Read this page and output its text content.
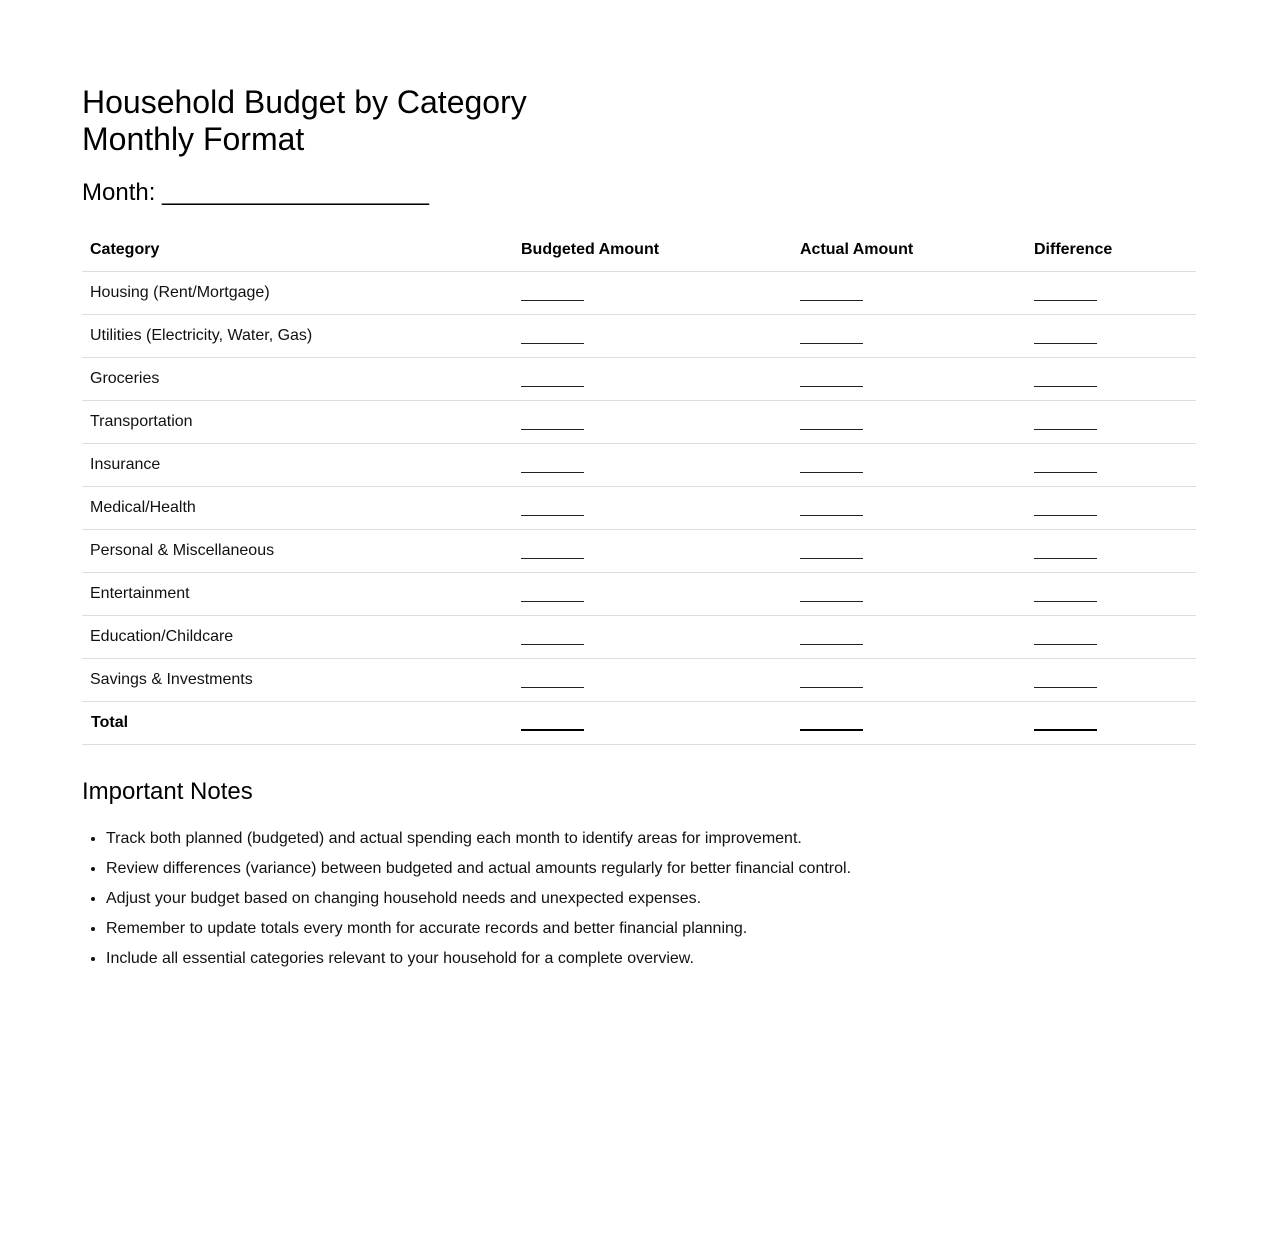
Household Budget by Category
Monthly Format
Month: ____________________
Category	Budgeted Amount	Actual Amount	Difference
Housing (Rent/Mortgage)			
Utilities (Electricity, Water, Gas)			
Groceries			
Transportation			
Insurance			
Medical/Health			
Personal & Miscellaneous			
Entertainment			
Education/Childcare			
Savings & Investments			
Total			
Important Notes
• Track both planned (budgeted) and actual spending each month to identify areas for improvement.
• Review differences (variance) between budgeted and actual amounts regularly for better financial control.
• Adjust your budget based on changing household needs and unexpected expenses.
• Remember to update totals every month for accurate records and better financial planning.
• Include all essential categories relevant to your household for a complete overview.
